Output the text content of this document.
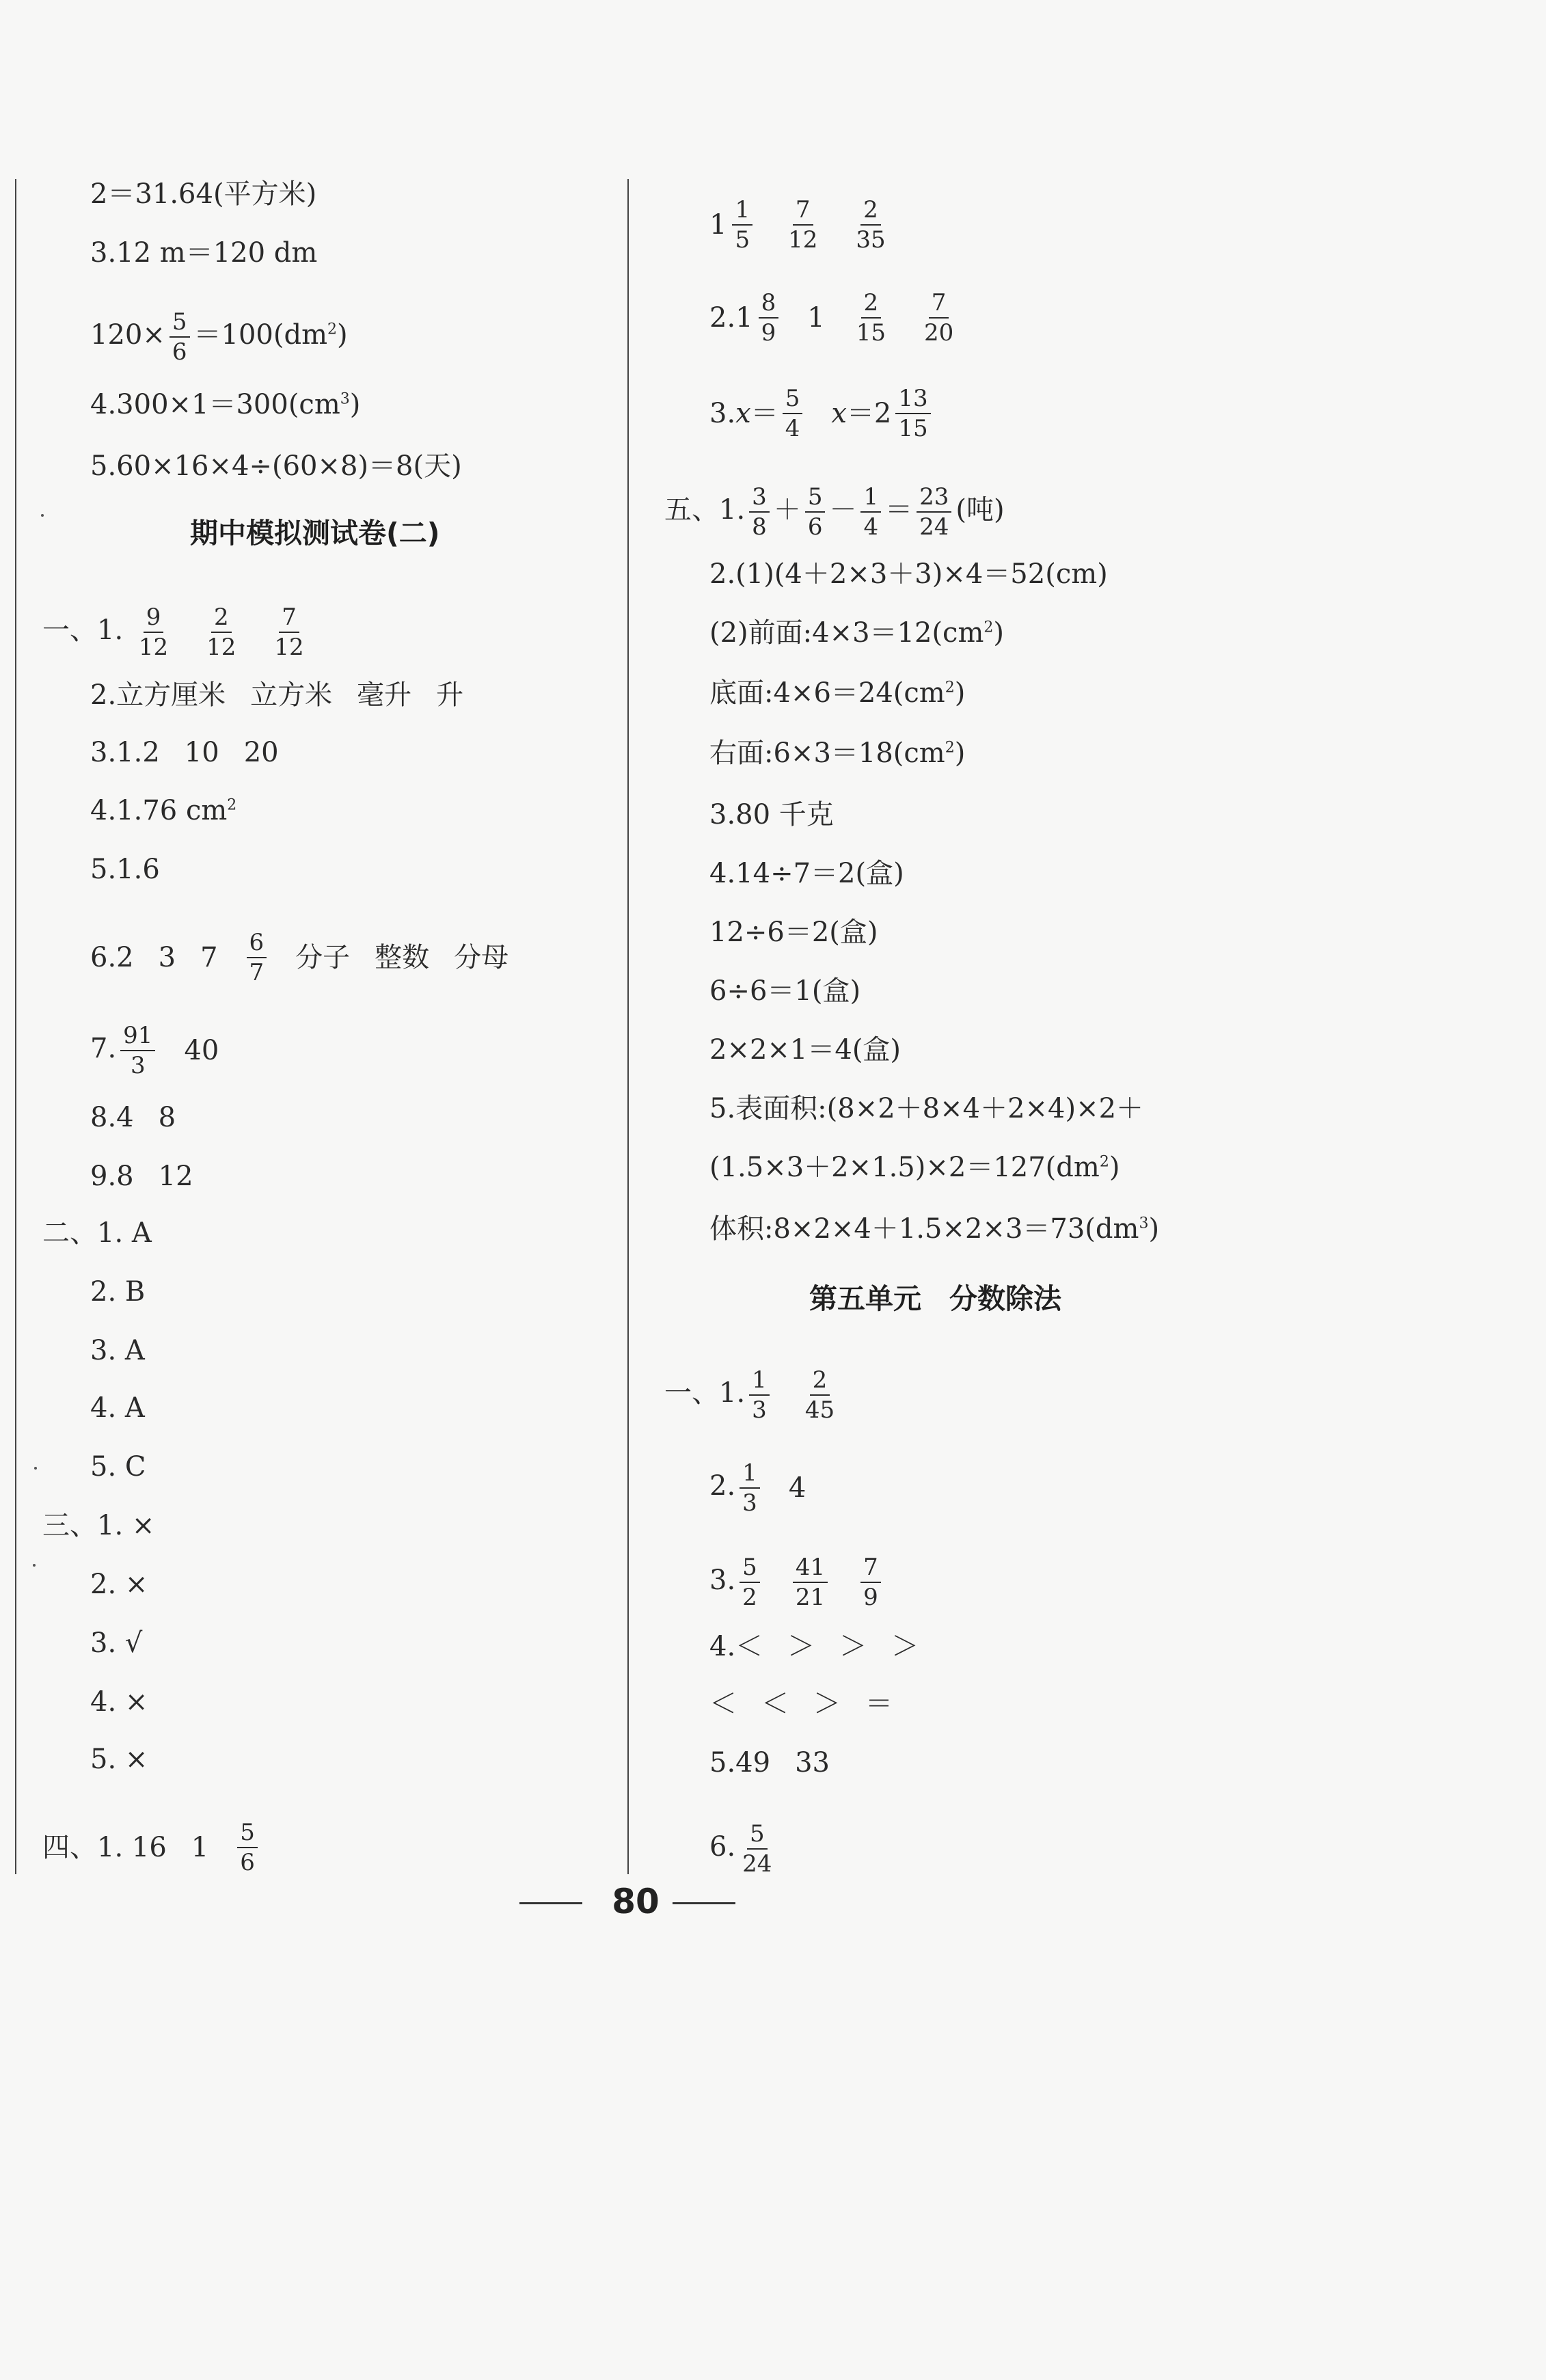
2＝31.64(平方米)
3.12 m＝120 dm
$120\times \frac{5}{6} =100(dm^2)$
$4.300\times 1=300(cm^3)$
5.60×16×4÷(60×8)＝8(天)
期中模拟测试卷(二)
一、1. $\frac{9}{12} \frac{2}{12} \frac{7}{12}$
2.立方厘米 立方米 毫升 升
3.1.2 10 20
4.1.76 $cm^2$
5.1.6
6.2 3 $7 \frac{6}{7}$ 分子 整数 分母
7. $\frac{91}{3} 40$
8.4 8
9.8 12
二、1. A
2. B
3. A
4. A
5. C
三、1. ×
2. ×
3. √
4. ×
5. ×
四、1. 16 $1 \frac{5}{6}$
$1 \frac{1}{5} \frac{7}{12} \frac{2}{35}$
$2.1 \frac{8}{9} 1 \frac{2}{15} \frac{7}{20}$
3. $x = \frac{5}{4}$ $x =2 \frac{13}{15}$
五、1. $\frac{3}{8} + \frac{5}{6} - \frac{1}{4} = \frac{23}{24}$ (吨)
2.(1)(4＋2×3＋3)×4＝52(cm)
(2)前面$:4\times 3=12(cm^2)$
底面$:4\times 6=24(cm^2)$
右面$:6\times 3=18(cm^2)$
3.80 千克
4.14÷7＝2(盒)
12÷6＝2(盒)
6÷6＝1(盒)
2×2×1＝4(盒)
5.表面积:(8×2＋8×4＋2×4)×2＋
$(1.5\times 3+2\times 1.5)\times 2=127(dm^2)$
体积$:8\times 2\times 4+1.5\times 2\times 3=73(dm^3)$
第五单元　分数除法
一、1. $\frac{1}{3} \frac{2}{45}$
2. $\frac{1}{3} 4$
3. $\frac{5}{2} \frac{41}{21} \frac{7}{9}$
4.＜ ＞ ＞ ＞
＜ ＜ ＞ ＝
5.49 33
6. $\frac{5}{24}$
80
